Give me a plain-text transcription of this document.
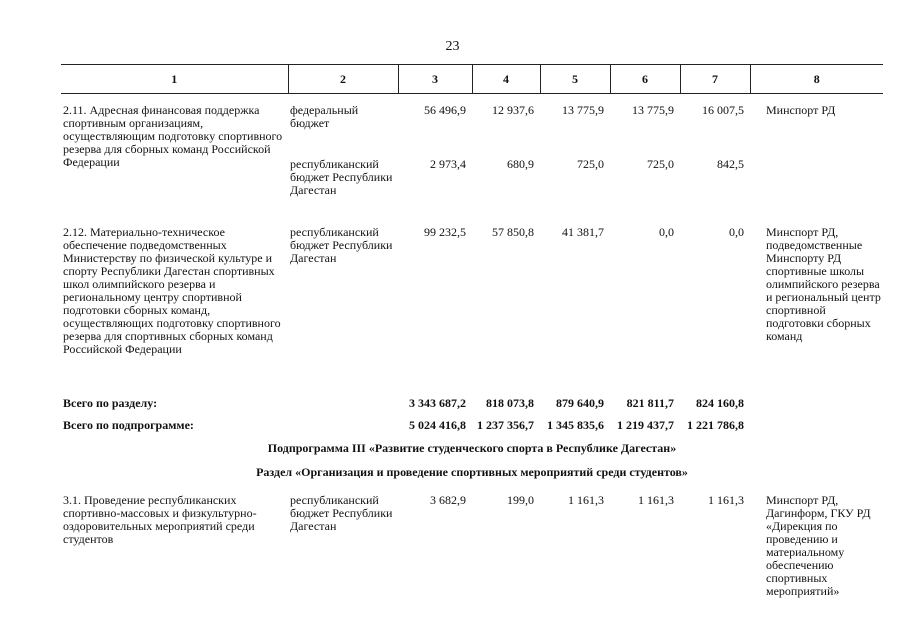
23
1	2	3	4	5	6	7	8

2.11. Адресная финансовая поддержка спортивным организациям, осуществляющим подготовку спортивного резерва для сборных команд Российской Федерации	федеральный бюджет	56 496,9	12 937,6	13 775,9	13 775,9	16 007,5	Минспорт РД
	республиканский бюджет Республики Дагестан	2 973,4	680,9	725,0	725,0	842,5	
2.12. Материально-техническое обеспечение подведомственных Министерству по физической культуре и спорту Республики Дагестан спортивных школ олимпийского резерва и региональному центру спортивной подготовки сборных команд, осуществляющих подготовку спортивного резерва для спортивных сборных команд Российской Федерации	республиканский бюджет Республики Дагестан	99 232,5	57 850,8	41 381,7	0,0	0,0	Минспорт РД, подведомственные Минспорту РД спортивные школы олимпийского резерва и региональный центр спортивной подготовки сборных команд
Всего по разделу:		3 343 687,2	818 073,8	879 640,9	821 811,7	824 160,8	
Всего по подпрограмме:		5 024 416,8	1 237 356,7	1 345 835,6	1 219 437,7	1 221 786,8	
Подпрограмма III «Развитие студенческого спорта в Республике Дагестан»							
Раздел «Организация и проведение спортивных мероприятий среди студентов»							

3.1. Проведение республиканских спортивно-массовых и физкультурно-оздоровительных мероприятий среди студентов	республиканский бюджет Республики Дагестан	3 682,9	199,0	1 161,3	1 161,3	1 161,3	Минспорт РД, Дагинформ, ГКУ РД «Дирекция по проведению и материальному обеспечению спортивных мероприятий»
